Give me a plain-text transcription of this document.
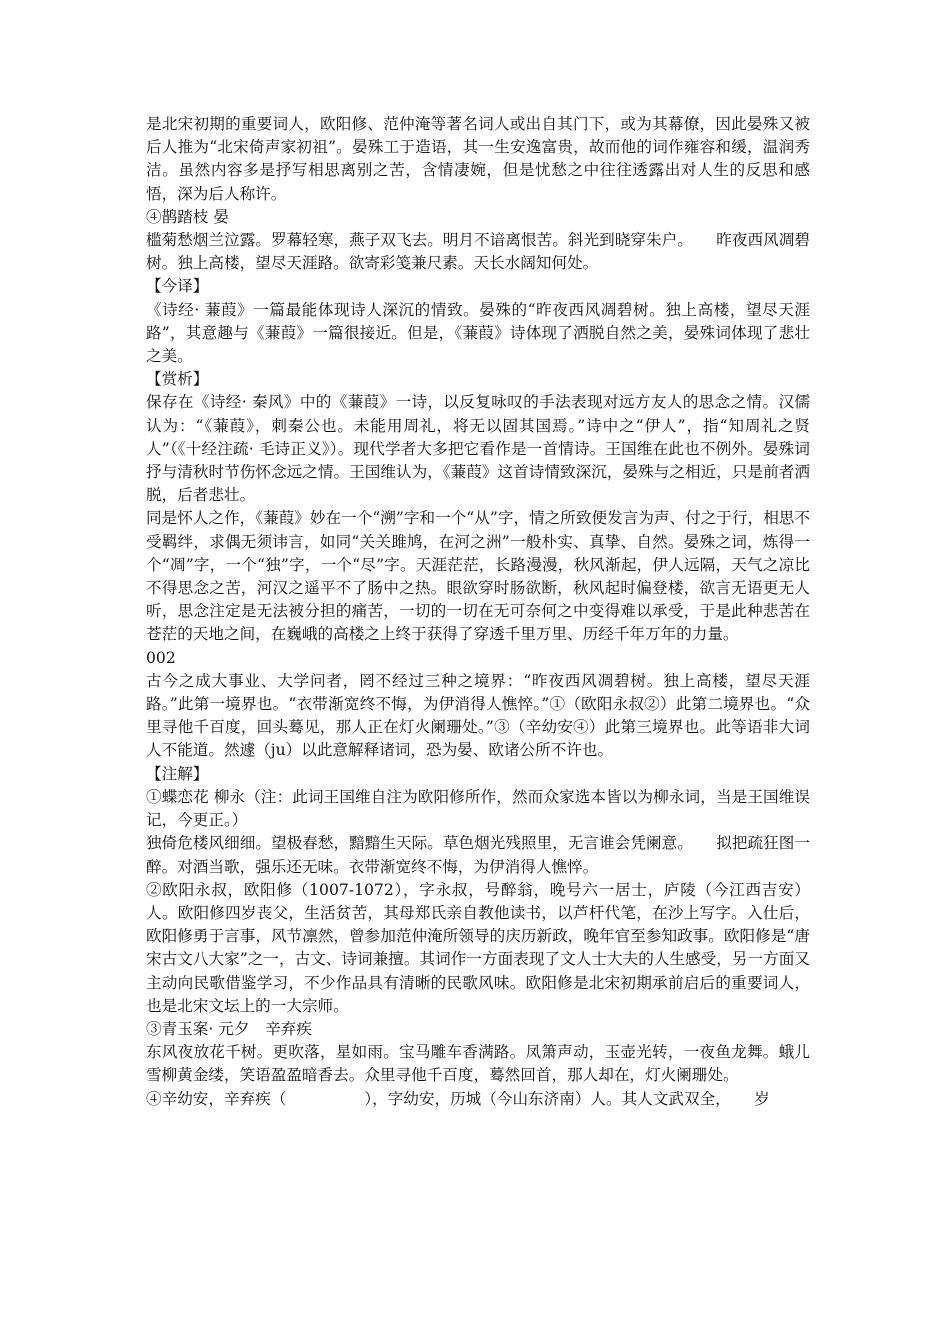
是北宋初期的重要词人，欧阳修、范仲淹等著名词人或出自其门下，或为其幕僚，因此晏殊又被后人推为“北宋倚声家初祖”。晏殊工于造语，其一生安逸富贵，故而他的词作雍容和缓，温润秀洁。虽然内容多是抒写相思离别之苦，含情凄婉，但是忧愁之中往往透露出对人生的反思和感悟，深为后人称许。

④鹊踏枝 晏

槛菊愁烟兰泣露。罗幕轻寒，燕子双飞去。明月不谙离恨苦。斜光到晓穿朱户。　　昨夜西风凋碧树。独上高楼，望尽天涯路。欲寄彩笺兼尺素。天长水阔知何处。

【今译】

《诗经· 蒹葭》一篇最能体现诗人深沉的情致。晏殊的“昨夜西风凋碧树。独上高楼，望尽天涯路”，其意趣与《蒹葭》一篇很接近。但是，《蒹葭》诗体现了洒脱自然之美，晏殊词体现了悲壮之美。

【赏析】

保存在《诗经· 秦风》中的《蒹葭》一诗，以反复咏叹的手法表现对远方友人的思念之情。汉儒认为：“《蒹葭》，刺秦公也。未能用周礼，将无以固其国焉。”诗中之“伊人”，指“知周礼之贤人”（《十经注疏· 毛诗正义》）。现代学者大多把它看作是一首情诗。王国维在此也不例外。晏殊词抒与清秋时节伤怀念远之情。王国维认为，《蒹葭》这首诗情致深沉，晏殊与之相近，只是前者洒脱，后者悲壮。

同是怀人之作，《蒹葭》妙在一个“溯”字和一个“从”字，情之所致便发言为声、付之于行，相思不受羁绊，求偶无须讳言，如同“关关雎鸠，在河之洲”一般朴实、真挚、自然。晏殊之词，炼得一个“凋”字，一个“独”字，一个“尽”字。天涯茫茫，长路漫漫，秋风渐起，伊人远隔，天气之凉比不得思念之苦，河汉之遥平不了肠中之热。眼欲穿时肠欲断，秋风起时偏登楼，欲言无语更无人听，思念注定是无法被分担的痛苦，一切的一切在无可奈何之中变得难以承受，于是此种悲苦在苍茫的天地之间，在巍峨的高楼之上终于获得了穿透千里万里、历经千年万年的力量。

002

古今之成大事业、大学问者，罔不经过三种之境界：“昨夜西风凋碧树。独上高楼，望尽天涯路。”此第一境界也。“衣带渐宽终不悔，为伊消得人憔悴。”①（欧阳永叔②）此第二境界也。“众里寻他千百度，回头蓦见，那人正在灯火阑珊处。”③（辛幼安④）此第三境界也。此等语非大词人不能道。然遽（ju）以此意解释诸词，恐为晏、欧诸公所不许也。

【注解】

①蝶恋花 柳永（注：此词王国维自注为欧阳修所作，然而众家选本皆以为柳永词，当是王国维误记，今更正。）

独倚危楼风细细。望极春愁，黯黯生天际。草色烟光残照里，无言谁会凭阑意。　　拟把疏狂图一醉。对酒当歌，强乐还无味。衣带渐宽终不悔，为伊消得人憔悴。

②欧阳永叔，欧阳修（1007-1072），字永叔，号醉翁，晚号六一居士，庐陵（今江西吉安）人。欧阳修四岁丧父，生活贫苦，其母郑氏亲自教他读书，以芦杆代笔，在沙上写字。入仕后，欧阳修勇于言事，风节凛然，曾参加范仲淹所领导的庆历新政，晚年官至参知政事。欧阳修是“唐宋古文八大家”之一，古文、诗词兼擅。其词作一方面表现了文人士大夫的人生感受，另一方面又主动向民歌借鉴学习，不少作品具有清晰的民歌风味。欧阳修是北宋初期承前启后的重要词人，也是北宋文坛上的一大宗师。

③青玉案· 元夕　辛弃疾

东风夜放花千树。更吹落，星如雨。宝马雕车香满路。凤箫声动，玉壶光转，一夜鱼龙舞。蛾儿雪柳黄金缕，笑语盈盈暗香去。众里寻他千百度，蓦然回首，那人却在，灯火阑珊处。

④辛幼安，辛弃疾（　　　　　），字幼安，历城（今山东济南）人。其人文武双全，　　岁
